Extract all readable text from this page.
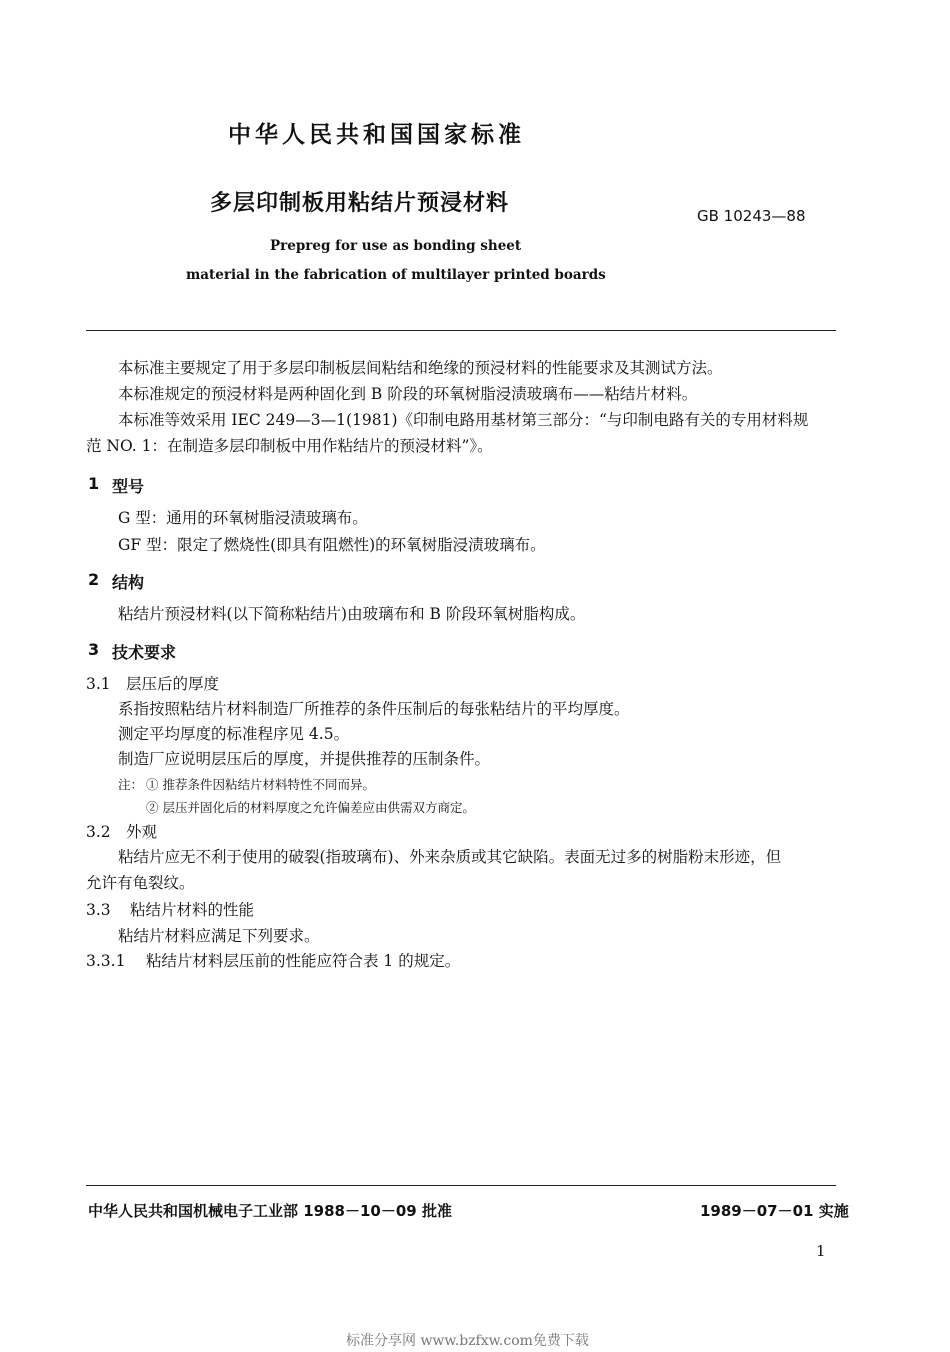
中华人民共和国国家标准
多层印制板用粘结片预浸材料	GB 10243—88
Prepreg for use as bonding sheet
material in the fabrication of multilayer printed boards
本标准主要规定了用于多层印制板层间粘结和绝缘的预浸材料的性能要求及其测试方法。
本标准规定的预浸材料是两种固化到 B 阶段的环氧树脂浸渍玻璃布——粘结片材料。
本标准等效采用 IEC 249—3—1(1981)《印制电路用基材第三部分：“与印制电路有关的专用材料规
范 NO. 1：在制造多层印制板中用作粘结片的预浸材料”》。
1 型号
G 型：通用的环氧树脂浸渍玻璃布。
GF 型：限定了燃烧性(即具有阻燃性)的环氧树脂浸渍玻璃布。
2 结构
粘结片预浸材料(以下简称粘结片)由玻璃布和 B 阶段环氧树脂构成。
3 技术要求
3.1 层压后的厚度
系指按照粘结片材料制造厂所推荐的条件压制后的每张粘结片的平均厚度。
测定平均厚度的标准程序见 4.5。
制造厂应说明层压后的厚度，并提供推荐的压制条件。
注： ① 推荐条件因粘结片材料特性不同而异。
② 层压并固化后的材料厚度之允许偏差应由供需双方商定。
3.2 外观
粘结片应无不利于使用的破裂(指玻璃布)、外来杂质或其它缺陷。表面无过多的树脂粉末形迹，但
允许有龟裂纹。
3.3 粘结片材料的性能
粘结片材料应满足下列要求。
3.3.1 粘结片材料层压前的性能应符合表 1 的规定。
中华人民共和国机械电子工业部 1988－10－09 批准	1989－07－01 实施
1
标准分享网 www.bzfxw.com免费下载
